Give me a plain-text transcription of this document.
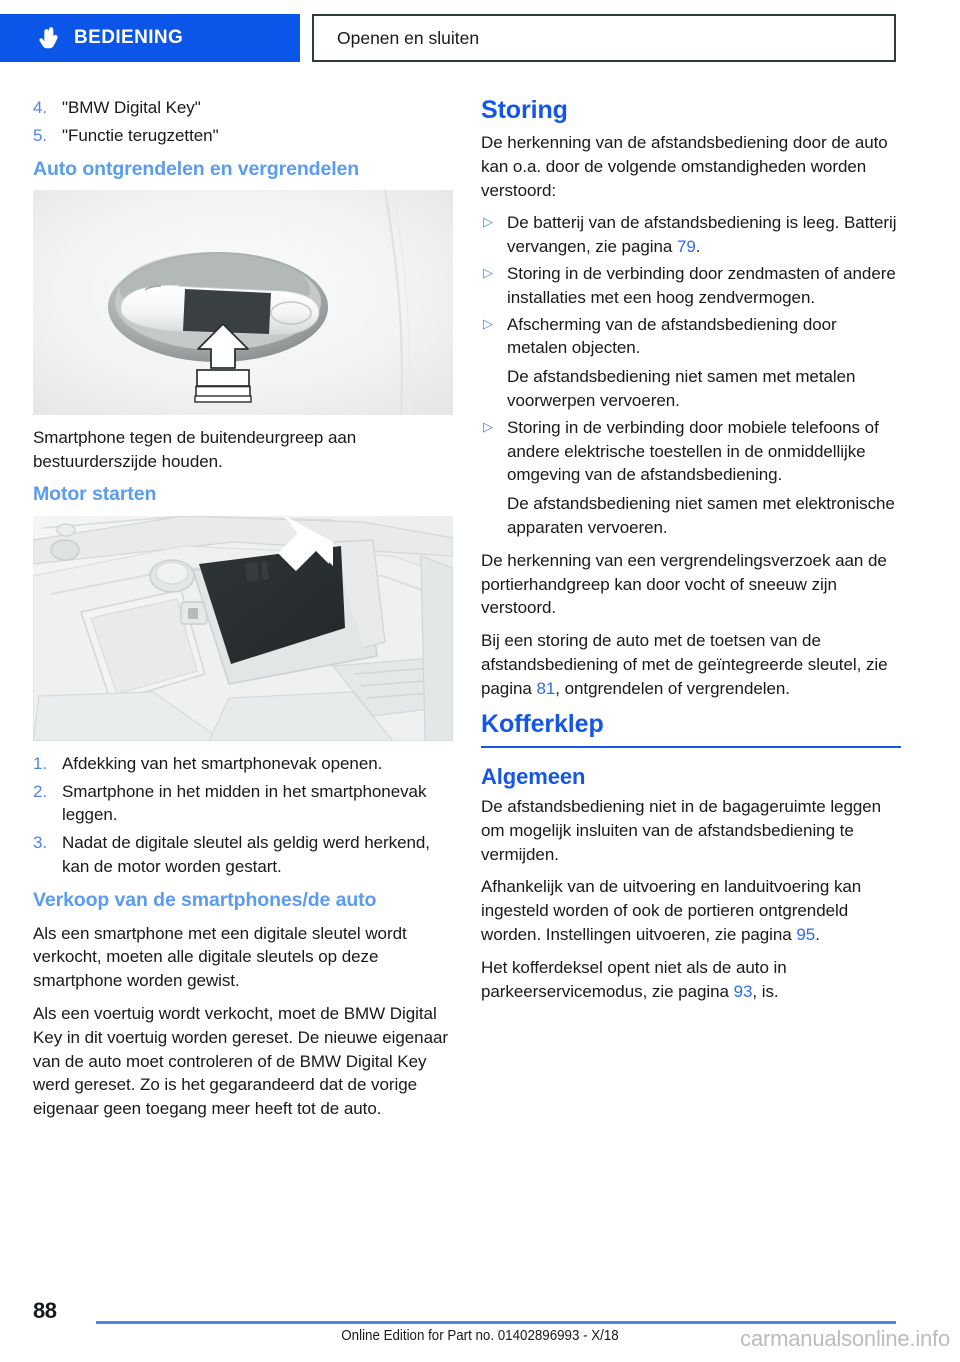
BEDIENING	Openen en sluiten
4. "BMW Digital Key"
5. "Functie terugzetten"
Auto ontgrendelen en vergrendelen

Smartphone tegen de buitendeurgreep aan bestuurderszijde houden.

Motor starten
1. Afdekking van het smartphonevak openen.
2. Smartphone in het midden in het smartphonevak leggen.
3. Nadat de digitale sleutel als geldig werd herkend, kan de motor worden gestart.
Verkoop van de smartphones/de auto

Als een smartphone met een digitale sleutel wordt verkocht, moeten alle digitale sleutels op deze smartphone worden gewist.

Als een voertuig wordt verkocht, moet de BMW Digital Key in dit voertuig worden gereset. De nieuwe eigenaar van de auto moet controleren of de BMW Digital Key werd gereset. Zo is het gegarandeerd dat de vorige eigenaar geen toegang meer heeft tot de auto.

Storing

De herkenning van de afstandsbediening door de auto kan o.a. door de volgende omstandigheden worden verstoord:

▷ De batterij van de afstandsbediening is leeg. Batterij vervangen, zie pagina 79.
▷ Storing in de verbinding door zendmasten of andere installaties met een hoog zendvermogen.
▷ Afscherming van de afstandsbediening door metalen objecten.
De afstandsbediening niet samen met metalen voorwerpen vervoeren.
▷ Storing in de verbinding door mobiele telefoons of andere elektrische toestellen in de onmiddellijke omgeving van de afstandsbediening.
De afstandsbediening niet samen met elektronische apparaten vervoeren.

De herkenning van een vergrendelingsverzoek aan de portierhandgreep kan door vocht of sneeuw zijn verstoord.

Bij een storing de auto met de toetsen van de afstandsbediening of met de geïntegreerde sleutel, zie pagina 81, ontgrendelen of vergrendelen.

Kofferklep
Algemeen

De afstandsbediening niet in de bagageruimte leggen om mogelijk insluiten van de afstandsbediening te vermijden.

Afhankelijk van de uitvoering en landuitvoering kan ingesteld worden of ook de portieren ontgrendeld worden. Instellingen uitvoeren, zie pagina 95.

Het kofferdeksel opent niet als de auto in parkeerservicemodus, zie pagina 93, is.

88
Online Edition for Part no. 01402896993 - X/18	carmanualsonline.info
